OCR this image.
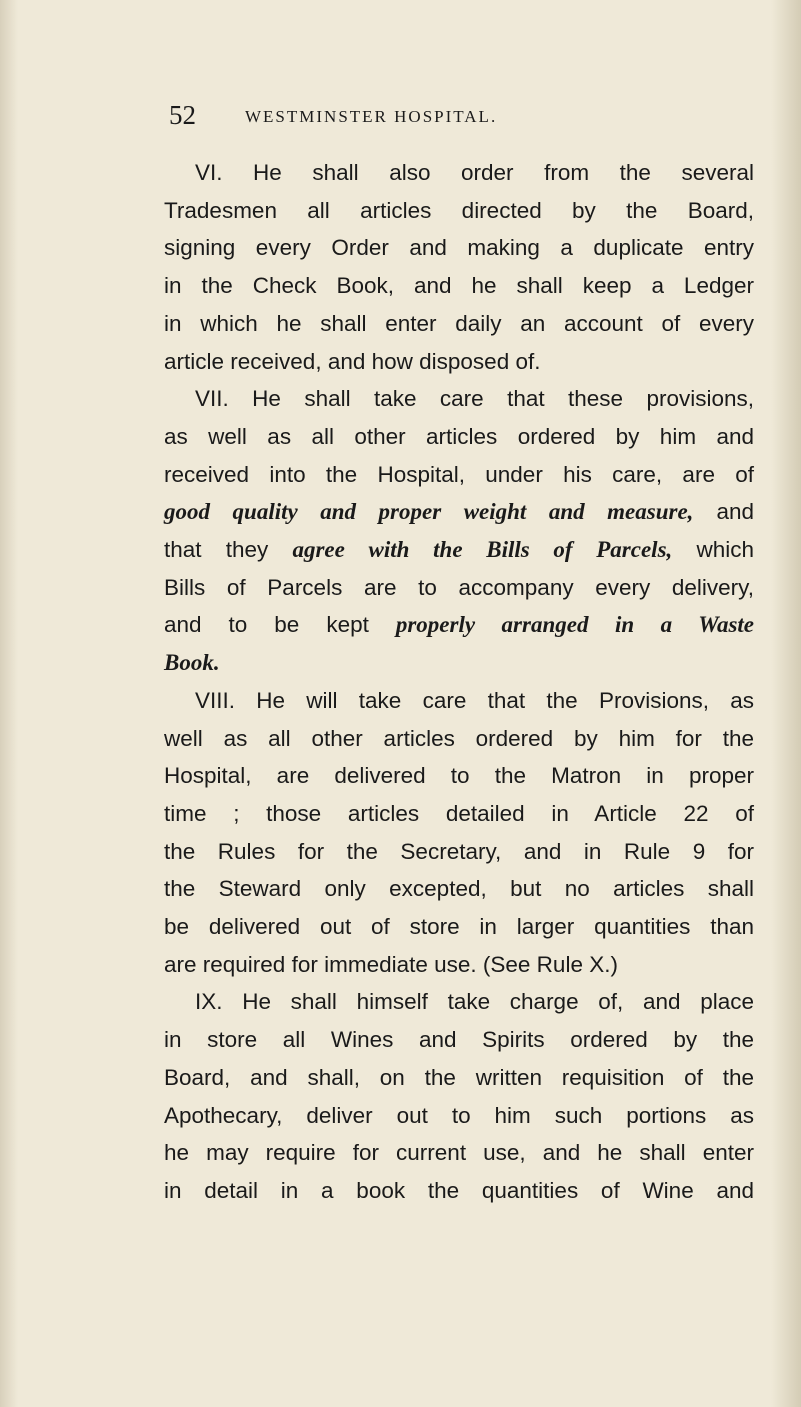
52	WESTMINSTER HOSPITAL.
VI. He shall also order from the several
Tradesmen all articles directed by the Board,
signing every Order and making a duplicate entry
in the Check Book, and he shall keep a Ledger
in which he shall enter daily an account of every
article received, and how disposed of.
VII. He shall take care that these provisions,
as well as all other articles ordered by him and
received into the Hospital, under his care, are of
good quality and proper weight and measure, and
that they agree with the Bills of Parcels, which
Bills of Parcels are to accompany every delivery,
and to be kept properly arranged in a Waste
Book.
VIII. He will take care that the Provisions, as
well as all other articles ordered by him for the
Hospital, are delivered to the Matron in proper
time ; those articles detailed in Article 22 of
the Rules for the Secretary, and in Rule 9 for
the Steward only excepted, but no articles shall
be delivered out of store in larger quantities than
are required for immediate use. (See Rule X.)
IX. He shall himself take charge of, and place
in store all Wines and Spirits ordered by the
Board, and shall, on the written requisition of the
Apothecary, deliver out to him such portions as
he may require for current use, and he shall enter
in detail in a book the quantities of Wine and
